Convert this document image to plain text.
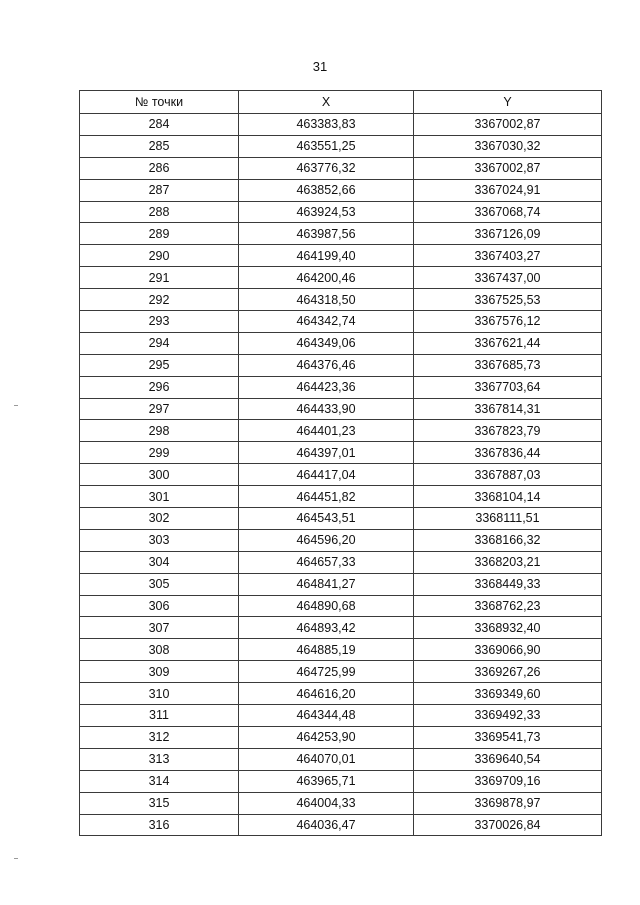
31
№ точки	X	Y
284	463383,83	3367002,87
285	463551,25	3367030,32
286	463776,32	3367002,87
287	463852,66	3367024,91
288	463924,53	3367068,74
289	463987,56	3367126,09
290	464199,40	3367403,27
291	464200,46	3367437,00
292	464318,50	3367525,53
293	464342,74	3367576,12
294	464349,06	3367621,44
295	464376,46	3367685,73
296	464423,36	3367703,64
297	464433,90	3367814,31
298	464401,23	3367823,79
299	464397,01	3367836,44
300	464417,04	3367887,03
301	464451,82	3368104,14
302	464543,51	3368111,51
303	464596,20	3368166,32
304	464657,33	3368203,21
305	464841,27	3368449,33
306	464890,68	3368762,23
307	464893,42	3368932,40
308	464885,19	3369066,90
309	464725,99	3369267,26
310	464616,20	3369349,60
311	464344,48	3369492,33
312	464253,90	3369541,73
313	464070,01	3369640,54
314	463965,71	3369709,16
315	464004,33	3369878,97
316	464036,47	3370026,84
